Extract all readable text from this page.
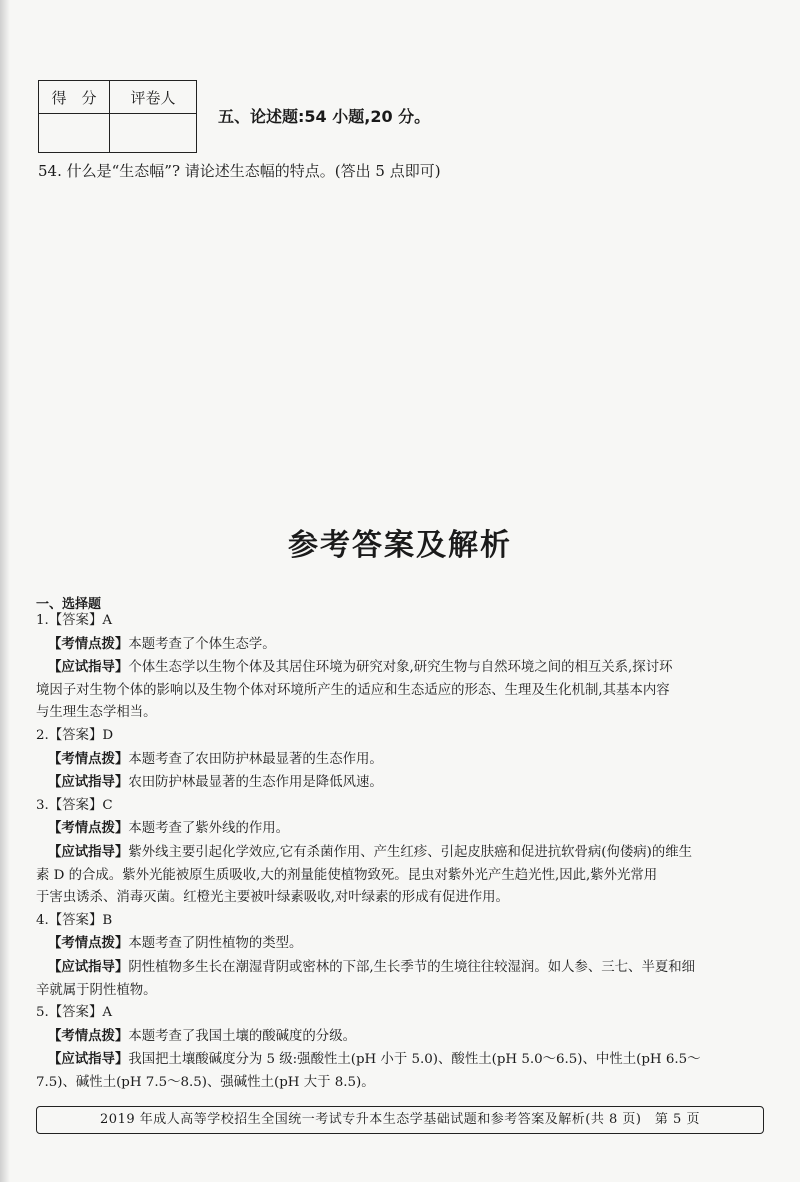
得　分	评卷人

五、论述题:54 小题,20 分。
54. 什么是“生态幅”? 请论述生态幅的特点。(答出 5 点即可)
参考答案及解析
一、选择题
1.【答案】A
【考情点拨】本题考查了个体生态学。
【应试指导】个体生态学以生物个体及其居住环境为研究对象,研究生物与自然环境之间的相互关系,探讨环
境因子对生物个体的影响以及生物个体对环境所产生的适应和生态适应的形态、生理及生化机制,其基本内容
与生理生态学相当。
2.【答案】D
【考情点拨】本题考查了农田防护林最显著的生态作用。
【应试指导】农田防护林最显著的生态作用是降低风速。
3.【答案】C
【考情点拨】本题考查了紫外线的作用。
【应试指导】紫外线主要引起化学效应,它有杀菌作用、产生红疹、引起皮肤癌和促进抗软骨病(佝偻病)的维生
素 D 的合成。紫外光能被原生质吸收,大的剂量能使植物致死。昆虫对紫外光产生趋光性,因此,紫外光常用
于害虫诱杀、消毒灭菌。红橙光主要被叶绿素吸收,对叶绿素的形成有促进作用。
4.【答案】B
【考情点拨】本题考查了阴性植物的类型。
【应试指导】阴性植物多生长在潮湿背阴或密林的下部,生长季节的生境往往较湿润。如人参、三七、半夏和细
辛就属于阴性植物。
5.【答案】A
【考情点拨】本题考查了我国土壤的酸碱度的分级。
【应试指导】我国把土壤酸碱度分为 5 级:强酸性土(pH 小于 5.0)、酸性土(pH 5.0～6.5)、中性土(pH 6.5～
7.5)、碱性土(pH 7.5～8.5)、强碱性土(pH 大于 8.5)。
2019 年成人高等学校招生全国统一考试专升本生态学基础试题和参考答案及解析(共 8 页)　第 5 页
